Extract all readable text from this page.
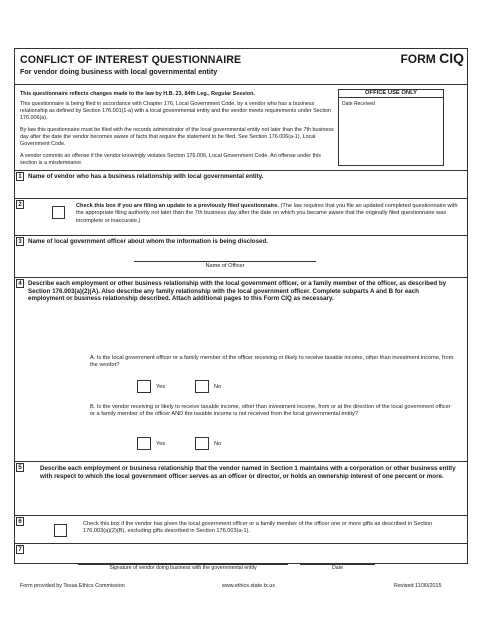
CONFLICT OF INTEREST QUESTIONNAIRE
For vendor doing business with local governmental entity
FORM CIQ
This questionnaire reflects changes made to the law by H.B. 23, 84th Leg., Regular Session.
This questionnaire is being filed in accordance with Chapter 176, Local Government Code, by a vendor who has a business relationship as defined by Section 176.001(1-a) with a local governmental entity and the vendor meets requirements under Section 176.006(a).
By law this questionnaire must be filed with the records administrator of the local governmental entity not later than the 7th business day after the date the vendor becomes aware of facts that require the statement to be filed. See Section 176.006(a-1), Local Government Code.
A vendor commits an offense if the vendor knowingly violates Section 176.006, Local Government Code. An offense under this section is a misdemeanor.
OFFICE USE ONLY
Date Received
1	Name of vendor who has a business relationship with local governmental entity.
2	Check this box if you are filing an update to a previously filed questionnaire. (The law requires that you file an updated completed questionnaire with the appropriate filing authority not later than the 7th business day after the date on which you became aware that the originally filed questionnaire was incomplete or inaccurate.)
3	Name of local government officer about whom the information is being disclosed.
Name of Officer
4	Describe each employment or other business relationship with the local government officer, or a family member of the officer, as described by Section 176.003(a)(2)(A). Also describe any family relationship with the local government officer. Complete subparts A and B for each employment or business relationship described. Attach additional pages to this Form CIQ as necessary.
A. Is the local government officer or a family member of the officer receiving or likely to receive taxable income, other than investment income, from the vendor?
Yes	No
B. Is the vendor receiving or likely to receive taxable income, other than investment income, from or at the direction of the local government officer or a family member of the officer AND the taxable income is not received from the local governmental entity?
Yes	No
5	Describe each employment or business relationship that the vendor named in Section 1 maintains with a corporation or other business entity with respect to which the local government officer serves as an officer or director, or holds an ownership interest of one percent or more.
6	Check this box if the vendor has given the local government officer or a family member of the officer one or more gifts as described in Section 176.003(a)(2)(B), excluding gifts described in Section 176.003(a-1).
7
Signature of vendor doing business with the governmental entity	Date
Form provided by Texas Ethics Commission	www.ethics.state.tx.us	Revised 11/30/2015
